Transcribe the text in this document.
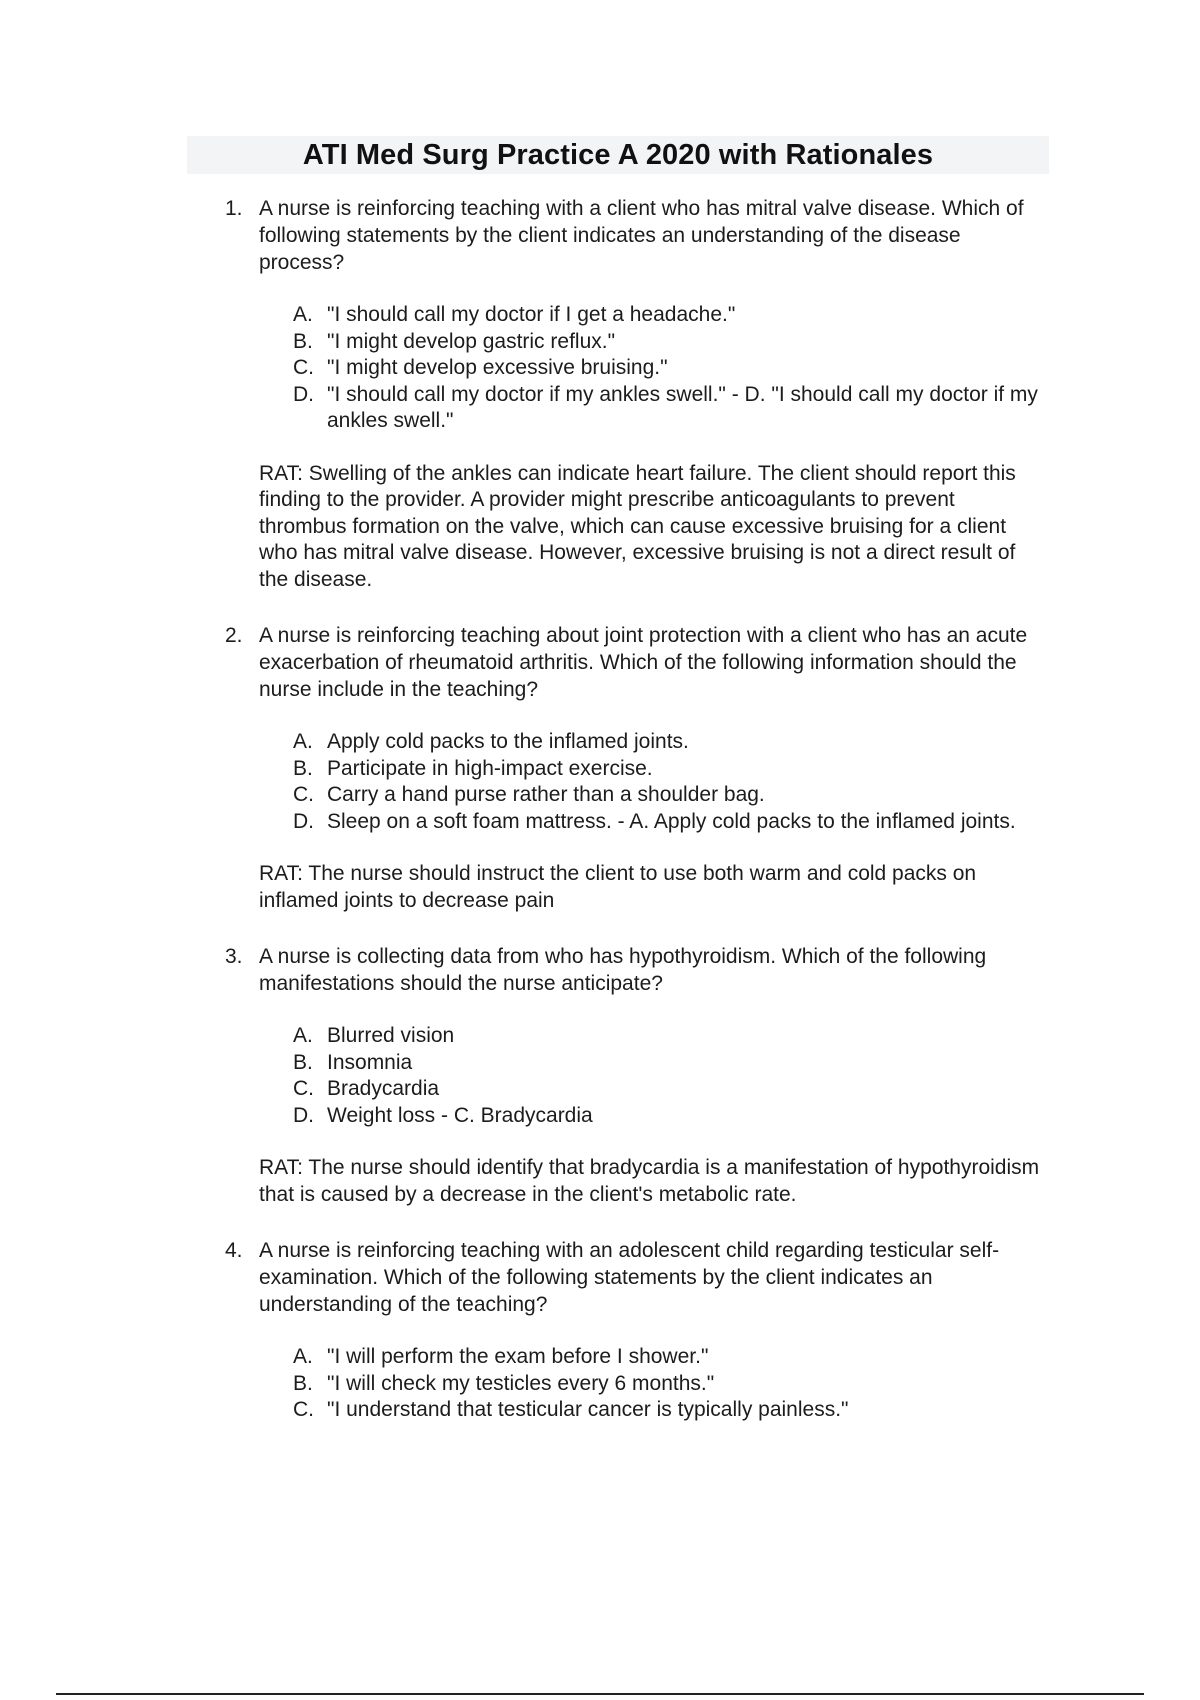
ATI Med Surg Practice A 2020 with Rationales
1. A nurse is reinforcing teaching with a client who has mitral valve disease. Which of following statements by the client indicates an understanding of the disease process?
A. "I should call my doctor if I get a headache."
B. "I might develop gastric reflux."
C. "I might develop excessive bruising."
D. "I should call my doctor if my ankles swell." - D. "I should call my doctor if my ankles swell."
RAT: Swelling of the ankles can indicate heart failure. The client should report this finding to the provider. A provider might prescribe anticoagulants to prevent thrombus formation on the valve, which can cause excessive bruising for a client who has mitral valve disease. However, excessive bruising is not a direct result of the disease.
2. A nurse is reinforcing teaching about joint protection with a client who has an acute exacerbation of rheumatoid arthritis. Which of the following information should the nurse include in the teaching?
A. Apply cold packs to the inflamed joints.
B. Participate in high-impact exercise.
C. Carry a hand purse rather than a shoulder bag.
D. Sleep on a soft foam mattress. - A. Apply cold packs to the inflamed joints.
RAT: The nurse should instruct the client to use both warm and cold packs on inflamed joints to decrease pain
3. A nurse is collecting data from who has hypothyroidism. Which of the following manifestations should the nurse anticipate?
A. Blurred vision
B. Insomnia
C. Bradycardia
D. Weight loss - C. Bradycardia
RAT: The nurse should identify that bradycardia is a manifestation of hypothyroidism that is caused by a decrease in the client's metabolic rate.
4. A nurse is reinforcing teaching with an adolescent child regarding testicular self-examination. Which of the following statements by the client indicates an understanding of the teaching?
A. "I will perform the exam before I shower."
B. "I will check my testicles every 6 months."
C. "I understand that testicular cancer is typically painless."
